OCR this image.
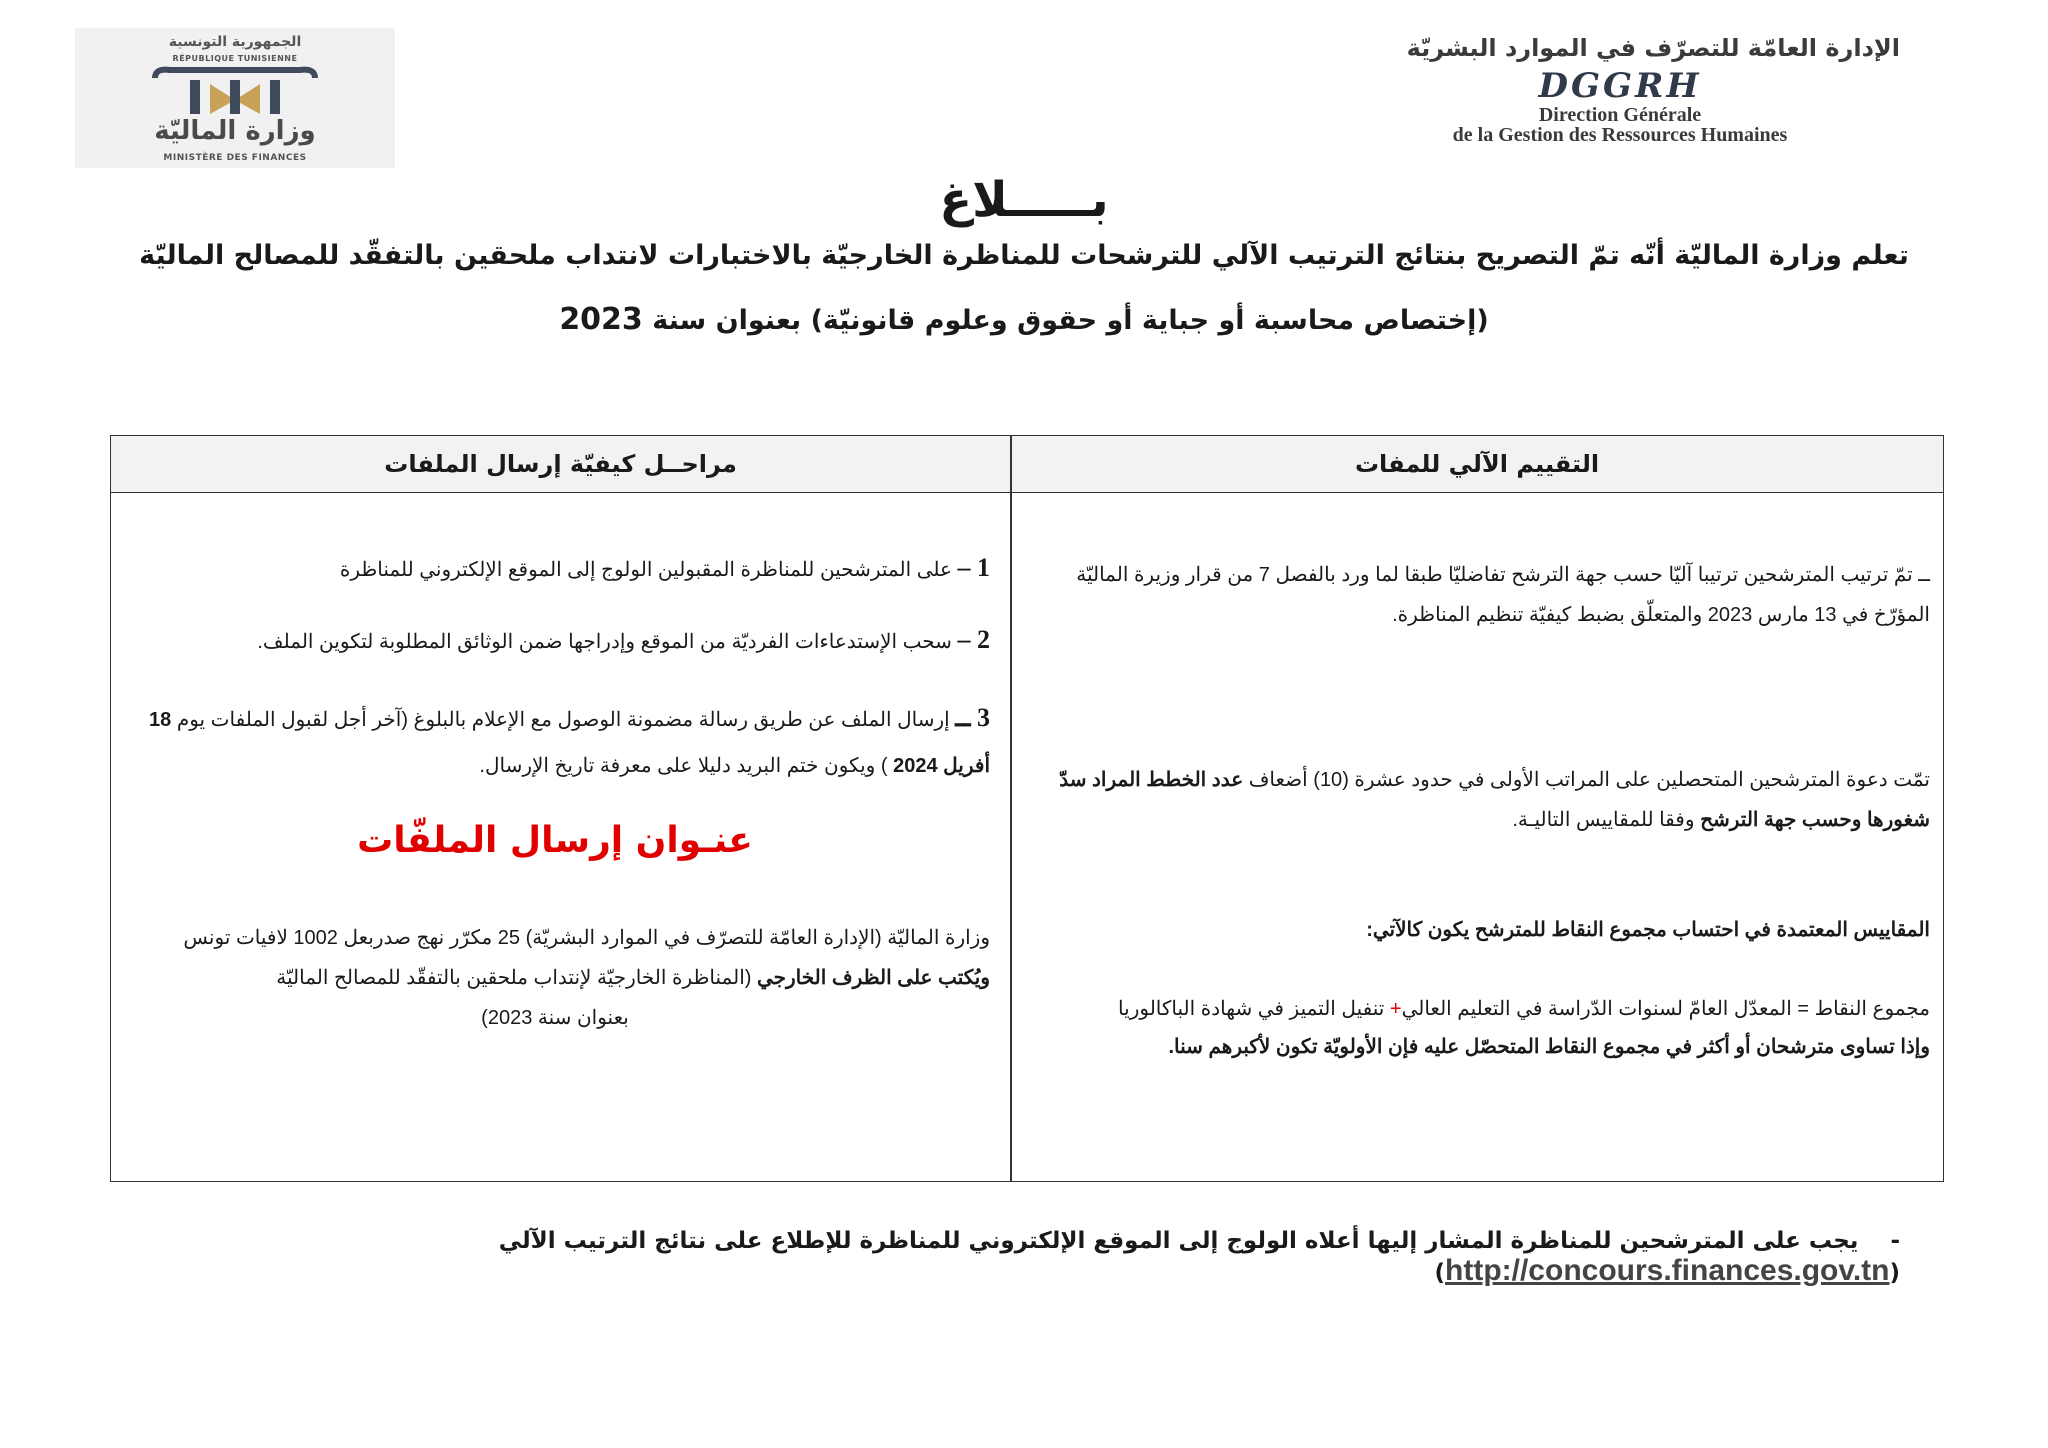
الجمهورية التونسية
RÉPUBLIQUE TUNISIENNE
وزارة الماليّة
MINISTÈRE DES FINANCES
الإدارة العامّة للتصرّف في الموارد البشريّة
DGGRH
Direction Générale
de la Gestion des Ressources Humaines
بـــــلاغ
تعلم وزارة الماليّة أنّه تمّ التصريح بنتائج الترتيب الآلي للترشحات للمناظرة الخارجيّة بالاختبارات لانتداب ملحقين بالتفقّد للمصالح الماليّة
(إختصاص محاسبة أو جباية أو حقوق وعلوم قانونيّة) بعنوان سنة 2023
مراحــل كيفيّة إرسال الملفات	التقييم الآلي للمفات
ــ تمّ ترتيب المترشحين ترتيبا آليّا حسب جهة الترشح تفاضليّا طبقا لما ورد بالفصل 7 من قرار وزيرة الماليّة المؤرّخ في 13 مارس 2023 والمتعلّق بضبط كيفيّة تنظيم المناظرة.
تمّت دعوة المترشحين المتحصلين على المراتب الأولى في حدود عشرة (10) أضعاف عدد الخطط المراد سدّ شغورها وحسب جهة الترشح وفقا للمقاييس التاليـة.
المقاييس المعتمدة في احتساب مجموع النقاط للمترشح يكون كالآتي:
مجموع النقاط = المعدّل العامّ لسنوات الدّراسة في التعليم العالي+ تنفيل التميز في شهادة الباكالوريا
وإذا تساوى مترشحان أو أكثر في مجموع النقاط المتحصّل عليه فإن الأولويّة تكون لأكبرهم سنا.
1 – على المترشحين للمناظرة المقبولين الولوج إلى الموقع الإلكتروني للمناظرة
2 – سحب الإستدعاءات الفرديّة من الموقع وإدراجها ضمن الوثائق المطلوبة لتكوين الملف.
3 ــ إرسال الملف عن طريق رسالة مضمونة الوصول مع الإعلام بالبلوغ (آخر أجل لقبول الملفات يوم 18 أفريل 2024 ) ويكون ختم البريد دليلا على معرفة تاريخ الإرسال.
عنـوان إرسال الملفّات
وزارة الماليّة (الإدارة العامّة للتصرّف في الموارد البشريّة) 25 مكرّر نهج صدربعل 1002 لافيات تونس
ويُكتب على الظرف الخارجي (المناظرة الخارجيّة لإنتداب ملحقين بالتفقّد للمصالح الماليّة
بعنوان سنة 2023)
-    يجب على المترشحين للمناظرة المشار إليها أعلاه الولوج إلى الموقع الإلكتروني للمناظرة للإطلاع على نتائج الترتيب الآلي (http://concours.finances.gov.tn)
